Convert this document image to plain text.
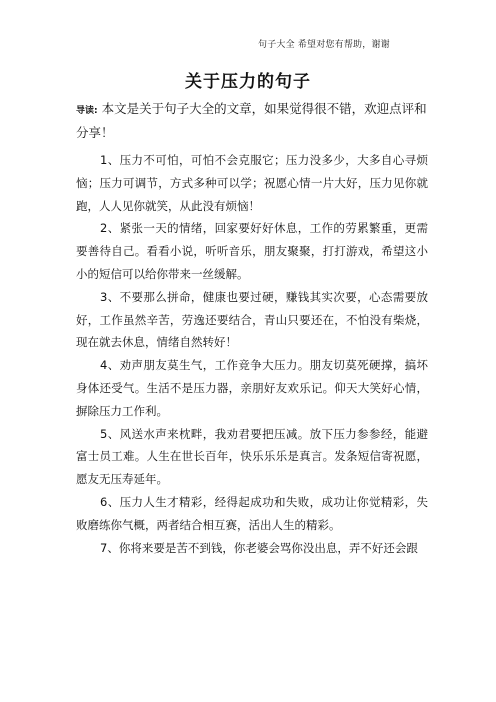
句子大全 希望对您有帮助，谢谢
关于压力的句子

导读: 本文是关于句子大全的文章，如果觉得很不错，欢迎点评和分享！

1、压力不可怕，可怕不会克服它；压力没多少，大多自心寻烦恼；压力可调节，方式多种可以学；祝愿心情一片大好，压力见你就跑，人人见你就笑，从此没有烦恼！

2、紧张一天的情绪，回家要好好休息，工作的劳累繁重，更需要善待自己。看看小说，听听音乐，朋友聚聚，打打游戏，希望这小小的短信可以给你带来一丝缓解。

3、不要那么拼命，健康也要过硬，赚钱其实次要，心态需要放好，工作虽然辛苦，劳逸还要结合，青山只要还在，不怕没有柴烧，现在就去休息，情绪自然转好！

4、劝声朋友莫生气，工作竞争大压力。朋友切莫死硬撑，搞坏身体还受气。生活不是压力器，亲朋好友欢乐记。仰天大笑好心情，摒除压力工作利。

5、风送水声来枕畔，我劝君要把压减。放下压力参参经，能避富士员工难。人生在世长百年，快乐乐乐是真言。发条短信寄祝愿，愿友无压寿延年。

6、压力人生才精彩，经得起成功和失败，成功让你觉精彩，失败磨练你气概，两者结合相互赛，活出人生的精彩。

7、你将来要是苦不到钱，你老婆会骂你没出息，弄不好还会跟
